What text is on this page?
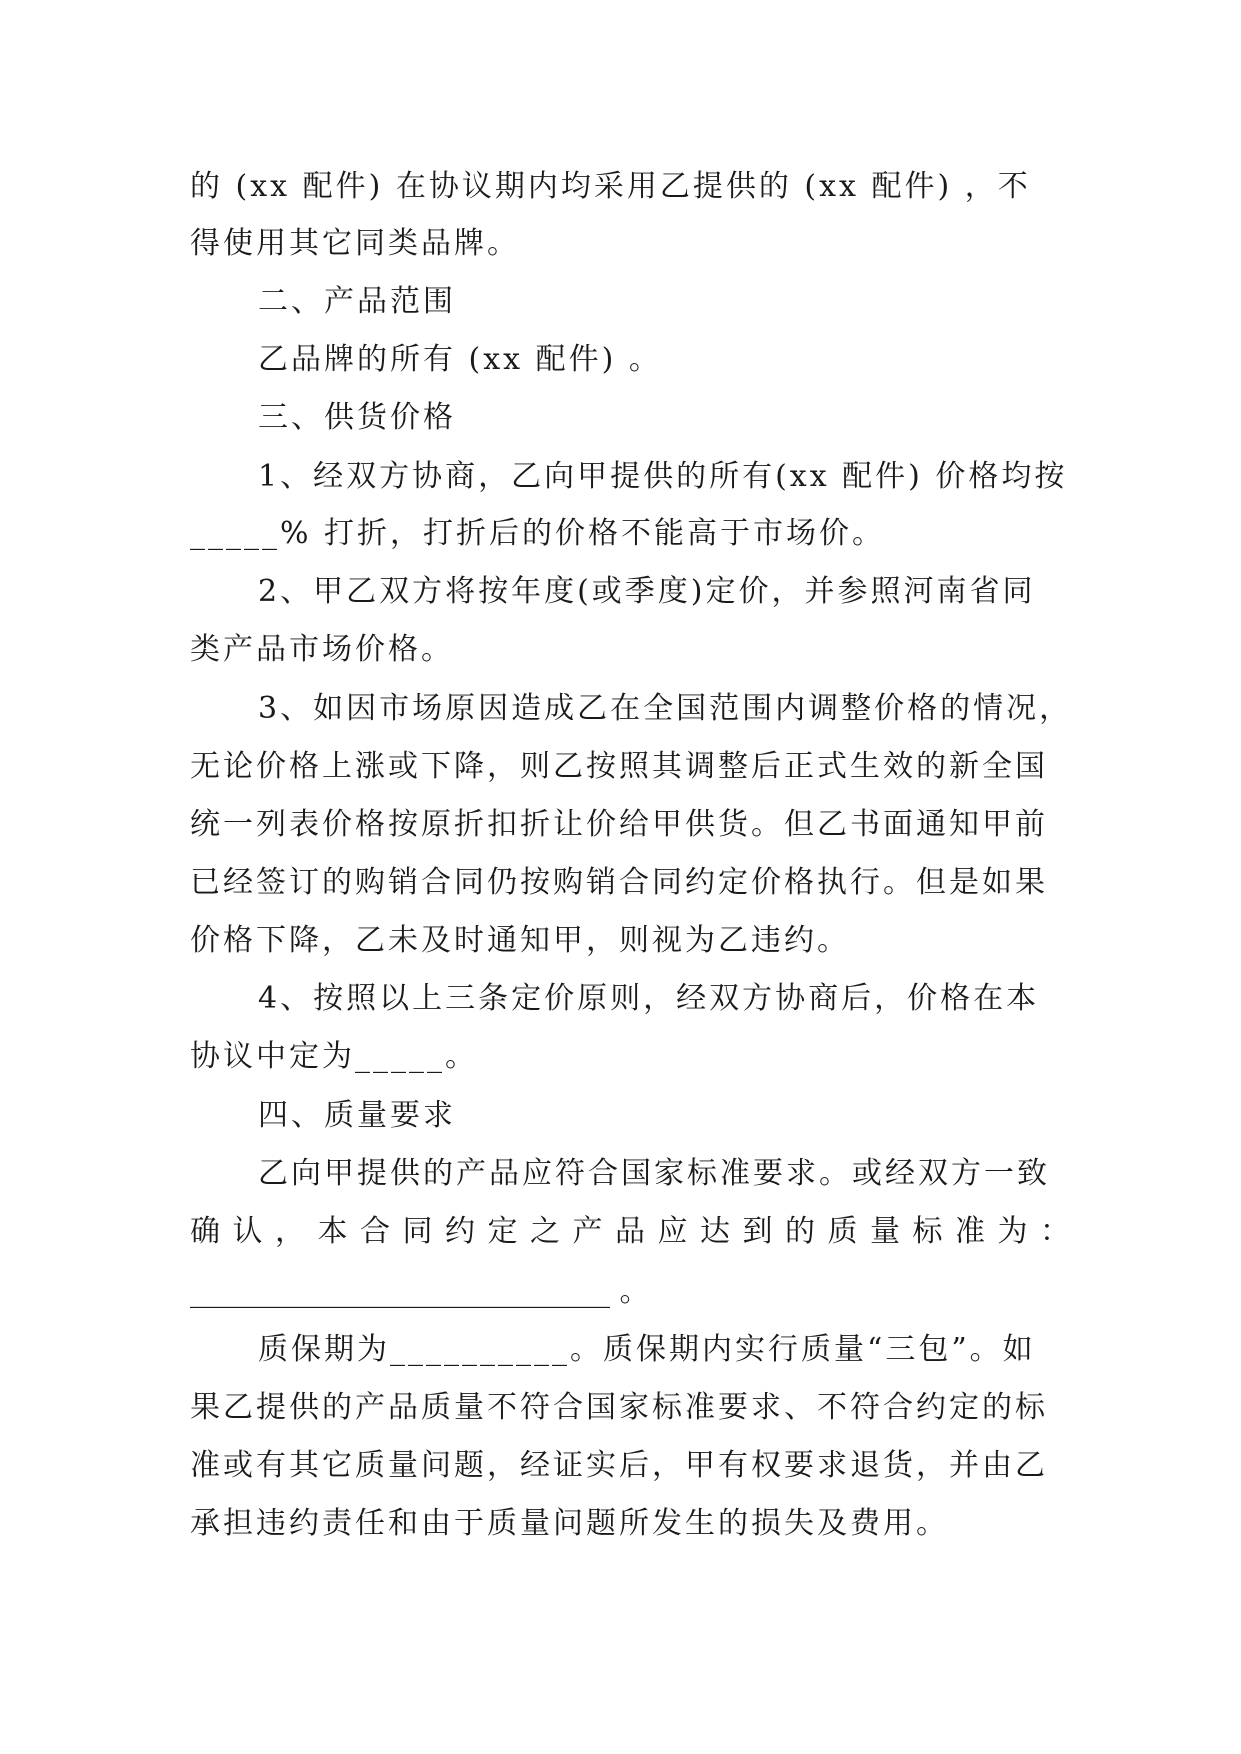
的 (xx 配件) 在协议期内均采用乙提供的 (xx 配件) ，不
得使用其它同类品牌。
二、产品范围
乙品牌的所有 (xx 配件) 。
三、供货价格
1、经双方协商，乙向甲提供的所有(xx 配件) 价格均按
_____% 打折，打折后的价格不能高于市场价。
2、甲乙双方将按年度(或季度)定价，并参照河南省同
类产品市场价格。
3、如因市场原因造成乙在全国范围内调整价格的情况，
无论价格上涨或下降，则乙按照其调整后正式生效的新全国
统一列表价格按原折扣折让价给甲供货。但乙书面通知甲前
已经签订的购销合同仍按购销合同约定价格执行。但是如果
价格下降，乙未及时通知甲，则视为乙违约。
4、按照以上三条定价原则，经双方协商后，价格在本
协议中定为_____。
四、质量要求
乙向甲提供的产品应符合国家标准要求。或经双方一致
确认，本合同约定之产品应达到的质量标准为：
____________________________ 。
质保期为__________。质保期内实行质量“三包”。如
果乙提供的产品质量不符合国家标准要求、不符合约定的标
准或有其它质量问题，经证实后，甲有权要求退货，并由乙
承担违约责任和由于质量问题所发生的损失及费用。
